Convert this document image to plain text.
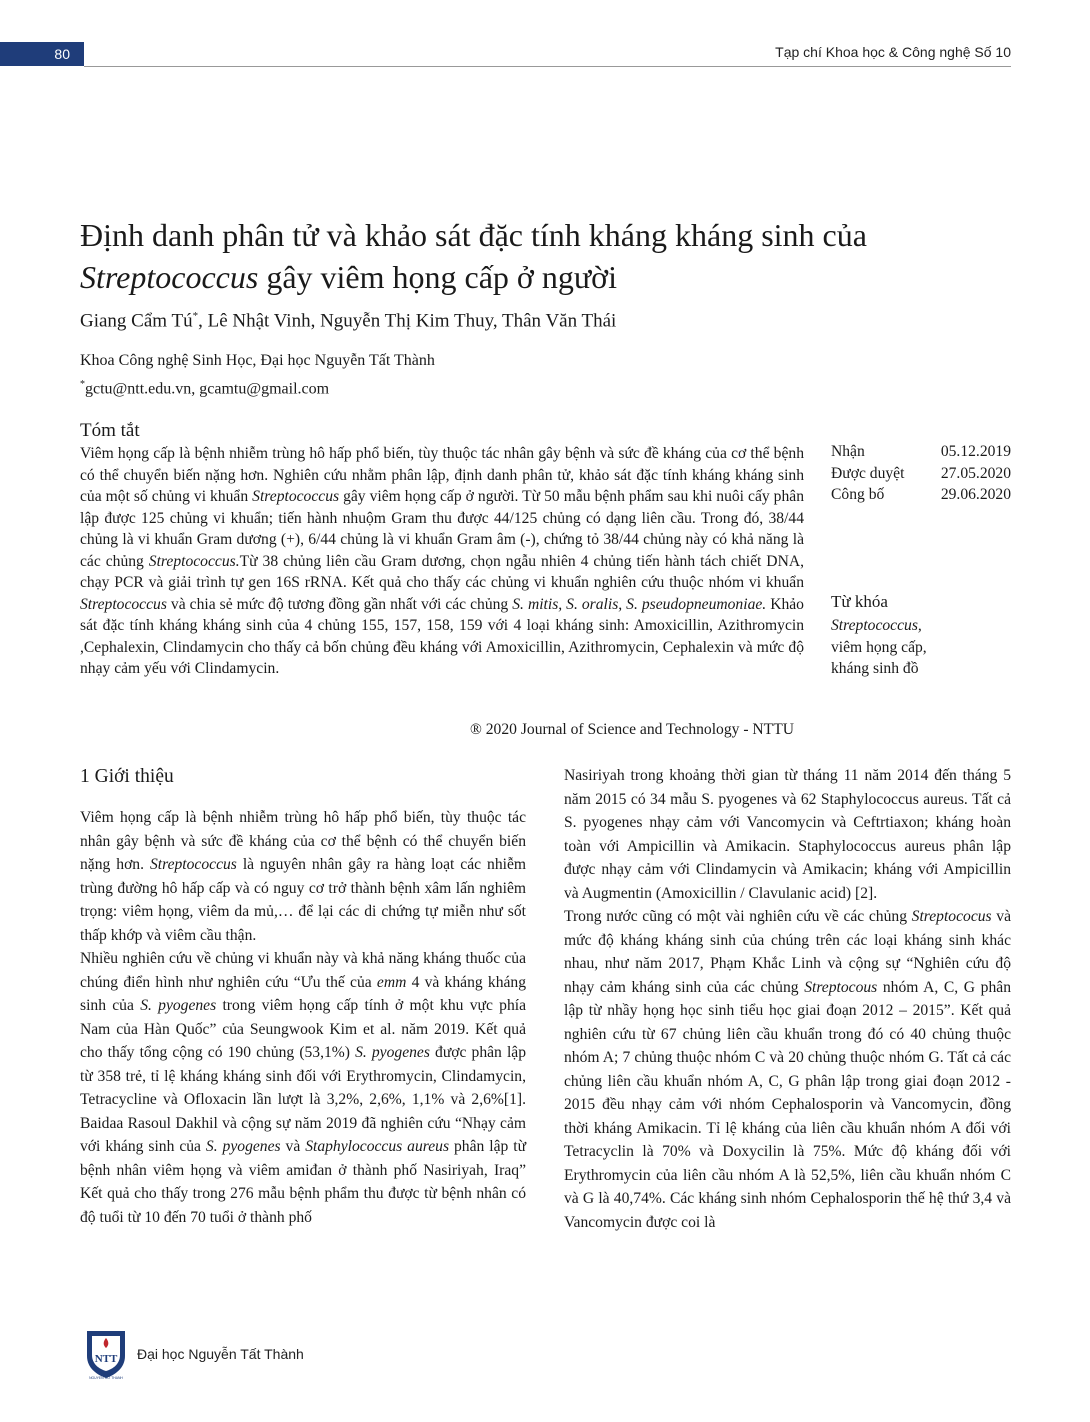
80	Tạp chí Khoa học & Công nghệ Số 10
Định danh phân tử và khảo sát đặc tính kháng kháng sinh của
Streptococcus gây viêm họng cấp ở người
Giang Cẩm Tú*, Lê Nhật Vinh, Nguyễn Thị Kim Thuy, Thân Văn Thái
Khoa Công nghệ Sinh Học, Đại học Nguyễn Tất Thành
*gctu@ntt.edu.vn, gcamtu@gmail.com
Tóm tắt

Viêm họng cấp là bệnh nhiễm trùng hô hấp phổ biến, tùy thuộc tác nhân gây bệnh và sức đề kháng của cơ thể bệnh có thể chuyển biến nặng hơn. Nghiên cứu nhằm phân lập, định danh phân tử, khảo sát đặc tính kháng kháng sinh của một số chủng vi khuẩn Streptococcus gây viêm họng cấp ở người. Từ 50 mẫu bệnh phẩm sau khi nuôi cấy phân lập được 125 chủng vi khuẩn; tiến hành nhuộm Gram thu được 44/125 chủng có dạng liên cầu. Trong đó, 38/44 chủng là vi khuẩn Gram dương (+), 6/44 chủng là vi khuẩn Gram âm (-), chứng tỏ 38/44 chủng này có khả năng là các chủng Streptococcus.Từ 38 chủng liên cầu Gram dương, chọn ngẫu nhiên 4 chủng tiến hành tách chiết DNA, chạy PCR và giải trình tự gen 16S rRNA. Kết quả cho thấy các chủng vi khuẩn nghiên cứu thuộc nhóm vi khuẩn Streptococcus và chia sẻ mức độ tương đồng gần nhất với các chủng S. mitis, S. oralis, S. pseudopneumoniae. Khảo sát đặc tính kháng kháng sinh của 4 chủng 155, 157, 158, 159 với 4 loại kháng sinh: Amoxicillin, Azithromycin ,Cephalexin, Clindamycin cho thấy cả bốn chủng đều kháng với Amoxicillin, Azithromycin, Cephalexin và mức độ nhạy cảm yếu với Clindamycin.

® 2020 Journal of Science and Technology - NTTU
Nhận	05.12.2019
Được duyệt 27.05.2020
Công bố	29.06.2020
Từ khóa
Streptococcus,
viêm họng cấp,
kháng sinh đồ
1 Giới thiệu

Viêm họng cấp là bệnh nhiễm trùng hô hấp phổ biến, tùy thuộc tác nhân gây bệnh và sức đề kháng của cơ thể bệnh có thể chuyển biến nặng hơn. Streptococcus là nguyên nhân gây ra hàng loạt các nhiễm trùng đường hô hấp cấp và có nguy cơ trở thành bệnh xâm lấn nghiêm trọng: viêm họng, viêm da mủ,… để lại các di chứng tự miễn như sốt thấp khớp và viêm cầu thận.

Nhiều nghiên cứu về chủng vi khuẩn này và khả năng kháng thuốc của chúng điển hình như nghiên cứu “Ưu thế của emm 4 và kháng kháng sinh của S. pyogenes trong viêm họng cấp tính ở một khu vực phía Nam của Hàn Quốc” của Seungwook Kim et al. năm 2019. Kết quả cho thấy tổng cộng có 190 chủng (53,1%) S. pyogenes được phân lập từ 358 trẻ, tỉ lệ kháng kháng sinh đối với Erythromycin, Clindamycin, Tetracycline và Ofloxacin lần lượt là 3,2%, 2,6%, 1,1% và 2,6%[1]. Baidaa Rasoul Dakhil và cộng sự năm 2019 đã nghiên cứu “Nhạy cảm với kháng sinh của S. pyogenes và Staphylococcus aureus phân lập từ bệnh nhân viêm họng và viêm amiđan ở thành phố Nasiriyah, Iraq” Kết quả cho thấy trong 276 mẫu bệnh phẩm thu được từ bệnh nhân có độ tuổi từ 10 đến 70 tuổi ở thành phố

Nasiriyah trong khoảng thời gian từ tháng 11 năm 2014 đến tháng 5 năm 2015 có 34 mẫu S. pyogenes và 62 Staphylococcus aureus. Tất cả S. pyogenes nhạy cảm với Vancomycin và Ceftrtiaxon; kháng hoàn toàn với Ampicillin và Amikacin. Staphylococcus aureus phân lập được nhạy cảm với Clindamycin và Amikacin; kháng với Ampicillin và Augmentin (Amoxicillin / Clavulanic acid) [2].

Trong nước cũng có một vài nghiên cứu về các chủng Streptococus và mức độ kháng kháng sinh của chúng trên các loại kháng sinh khác nhau, như năm 2017, Phạm Khắc Linh và cộng sự “Nghiên cứu độ nhạy cảm kháng sinh của các chủng Streptocous nhóm A, C, G phân lập từ nhầy họng học sinh tiểu học giai đoạn 2012 – 2015”. Kết quả nghiên cứu từ 67 chủng liên cầu khuẩn trong đó có 40 chủng thuộc nhóm A; 7 chủng thuộc nhóm C và 20 chủng thuộc nhóm G. Tất cả các chủng liên cầu khuẩn nhóm A, C, G phân lập trong giai đoạn 2012 - 2015 đều nhạy cảm với nhóm Cephalosporin và Vancomycin, đồng thời kháng Amikacin. Tỉ lệ kháng của liên cầu khuẩn nhóm A đối với Tetracyclin là 70% và Doxycilin là 75%. Mức độ kháng đối với Erythromycin của liên cầu nhóm A là 52,5%, liên cầu khuẩn nhóm C và G là 40,74%. Các kháng sinh nhóm Cephalosporin thế hệ thứ 3,4 và Vancomycin được coi là

NTT
NGUYEN TAT THANH
Đại học Nguyễn Tất Thành
